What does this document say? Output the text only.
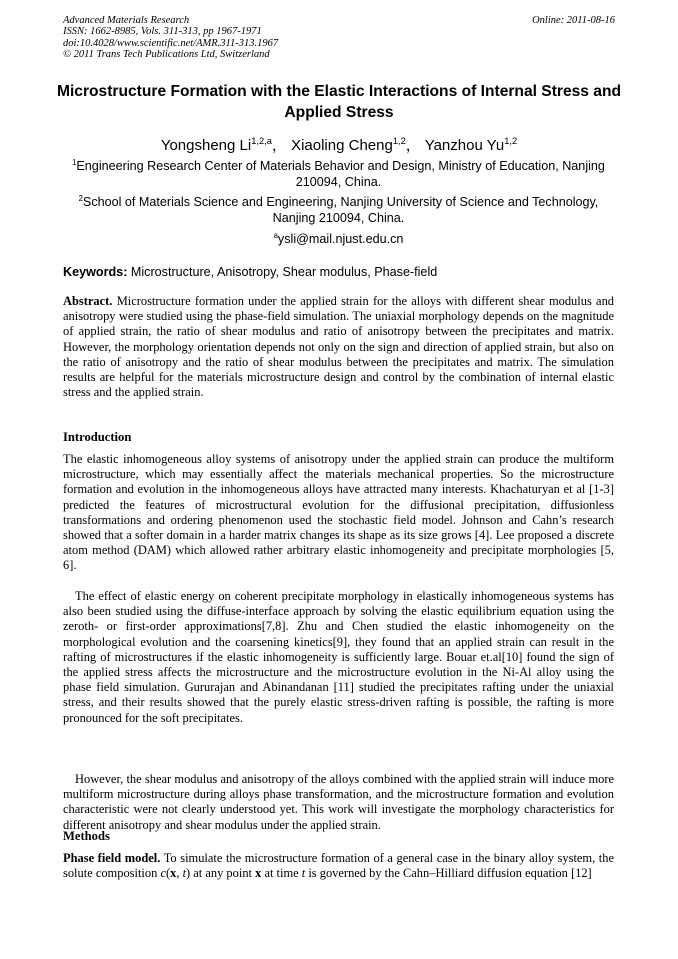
Advanced Materials Research
ISSN: 1662-8985, Vols. 311-313, pp 1967-1971
doi:10.4028/www.scientific.net/AMR.311-313.1967
© 2011 Trans Tech Publications Ltd, Switzerland
Online: 2011-08-16
Microstructure Formation with the Elastic Interactions of Internal Stress and Applied Stress
Yongsheng Li$^{1,2,a}$， Xiaoling Cheng$^{1,2}$， Yanzhou Yu$^{1,2}$
$^1$Engineering Research Center of Materials Behavior and Design, Ministry of Education, Nanjing 210094, China.
$^2$School of Materials Science and Engineering, Nanjing University of Science and Technology, Nanjing 210094, China.
$^a$ysli@mail.njust.edu.cn
Keywords: Microstructure, Anisotropy, Shear modulus, Phase-field

Abstract. Microstructure formation under the applied strain for the alloys with different shear modulus and anisotropy were studied using the phase-field simulation. The uniaxial morphology depends on the magnitude of applied strain, the ratio of shear modulus and ratio of anisotropy between the precipitates and matrix. However, the morphology orientation depends not only on the sign and direction of applied strain, but also on the ratio of anisotropy and the ratio of shear modulus between the precipitates and matrix. The simulation results are helpful for the materials microstructure design and control by the combination of internal elastic stress and the applied strain.

Introduction

The elastic inhomogeneous alloy systems of anisotropy under the applied strain can produce the multiform microstructure, which may essentially affect the materials mechanical properties. So the microstructure formation and evolution in the inhomogeneous alloys have attracted many interests. Khachaturyan et al [1-3] predicted the features of microstructural evolution for the diffusional precipitation, diffusionless transformations and ordering phenomenon used the stochastic field model. Johnson and Cahn’s research showed that a softer domain in a harder matrix changes its shape as its size grows [4]. Lee proposed a discrete atom method (DAM) which allowed rather arbitrary elastic inhomogeneity and precipitate morphologies [5, 6].

The effect of elastic energy on coherent precipitate morphology in elastically inhomogeneous systems has also been studied using the diffuse-interface approach by solving the elastic equilibrium equation using the zeroth- or first-order approximations[7,8]. Zhu and Chen studied the elastic inhomogeneity on the morphological evolution and the coarsening kinetics[9], they found that an applied strain can result in the rafting of microstructures if the elastic inhomogeneity is sufficiently large. Bouar et.al[10] found the sign of the applied stress affects the microstructure and the microstructure evolution in the Ni-Al alloy using the phase field simulation. Gururajan and Abinandanan [11] studied the precipitates rafting under the uniaxial stress, and their results showed that the purely elastic stress-driven rafting is possible, the rafting is more pronounced for the soft precipitates.

However, the shear modulus and anisotropy of the alloys combined with the applied strain will induce more multiform microstructure during alloys phase transformation, and the microstructure formation and evolution characteristic were not clearly understood yet. This work will investigate the morphology characteristics for different anisotropy and shear modulus under the applied strain.

Methods

Phase field model. To simulate the microstructure formation of a general case in the binary alloy system, the solute composition c(x, t) at any point x at time t is governed by the Cahn–Hilliard diffusion equation [12]
